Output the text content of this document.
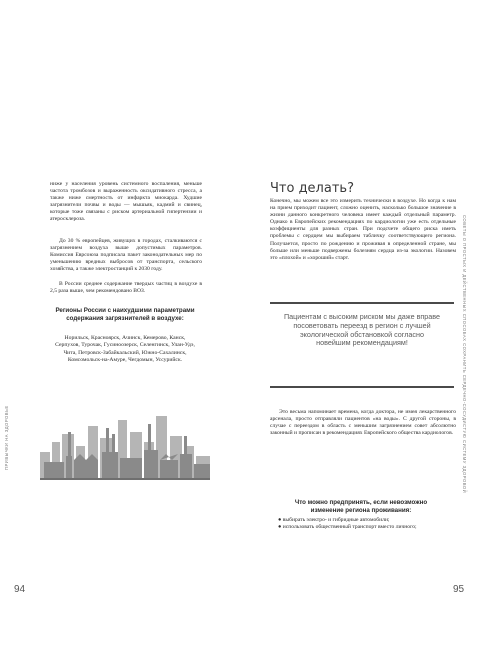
ПРИВЫЧКИ НА ЗДОРОВЬЕ

ниже у населения уровень системного воспаления, меньше частота тромбозов и выраженность оксидативного стресса, а также ниже смертность от инфаркта миокарда. Худшие загрязнители почвы и воды — мышьяк, кадмий и свинец, которые тоже связаны с риском артериальной гипертензии и атеросклероза.

До 30 % европейцев, живущих в городах, сталкиваются с загрязнением воздуха выше допустимых параметров. Комиссия Еврсоюза подписала пакет законодательных мер по уменьшению вредных выбросов от транспорта, сельского хозяйства, а также электростанций к 2030 году.

В России среднее содержание твердых частиц в воздухе в 2,5 раза выше, чем рекомендовано ВОЗ.

Регионы России с наихудшими параметрами содержания загрязнителей в воздухе:

Норильск, Красноярск, Ачинск, Кемерово, Канск, Серпухов, Турочак, Гусиноозерск, Селенгинск, Улан-Удэ, Чита, Петровск-Забайкальский, Южно-Сахалинск, Комсомольск-на-Амуре, Чегдомын, Уссурийск.

94
СОВЕТЫ О ПРОСТЫХ И ДЕЙСТВЕННЫХ СПОСОБАХ СОХРАНИТЬ СЕРДЕЧНО-СОСУДИСТУЮ СИСТЕМУ ЗДОРОВОЙ
Что делать?

Конечно, мы можем все это измерить технически в воздухе. Но когда к нам на прием приходит пациент, сложно оценить, насколько большое значение в жизни данного конкретного человека имеет каждый отдельный параметр. Однако в Европейских рекомендациях по кардиологии уже есть отдельные коэффициенты для разных стран. При подсчете общего риска иметь проблемы с сердцем мы выбираем табличку соответствующего региона. Получается, просто по рождению и проживая в определенной стране, мы больше или меньше подвержены болезням сердца из-за экологии. Назовем это «плохой» и «хороший» старт.

Пациентам с высоким риском мы даже вправе посоветовать переезд в регион с лучшей экологической обстановкой согласно новейшим рекомендациям!

Это весьма напоминает времена, когда доктора, не имея лекарственного арсенала, просто отправляли пациентов «на воды». С другой стороны, в случае с переездом в область с меньшим загрязнением совет абсолютно законный и прописан в рекомендациях Европейского общества кардиологов.

Что можно предпринять, если невозможно изменение региона проживания:
● выбирать электро- и гибридные автомобили;
● использовать общественный транспорт вместо личного;
95
